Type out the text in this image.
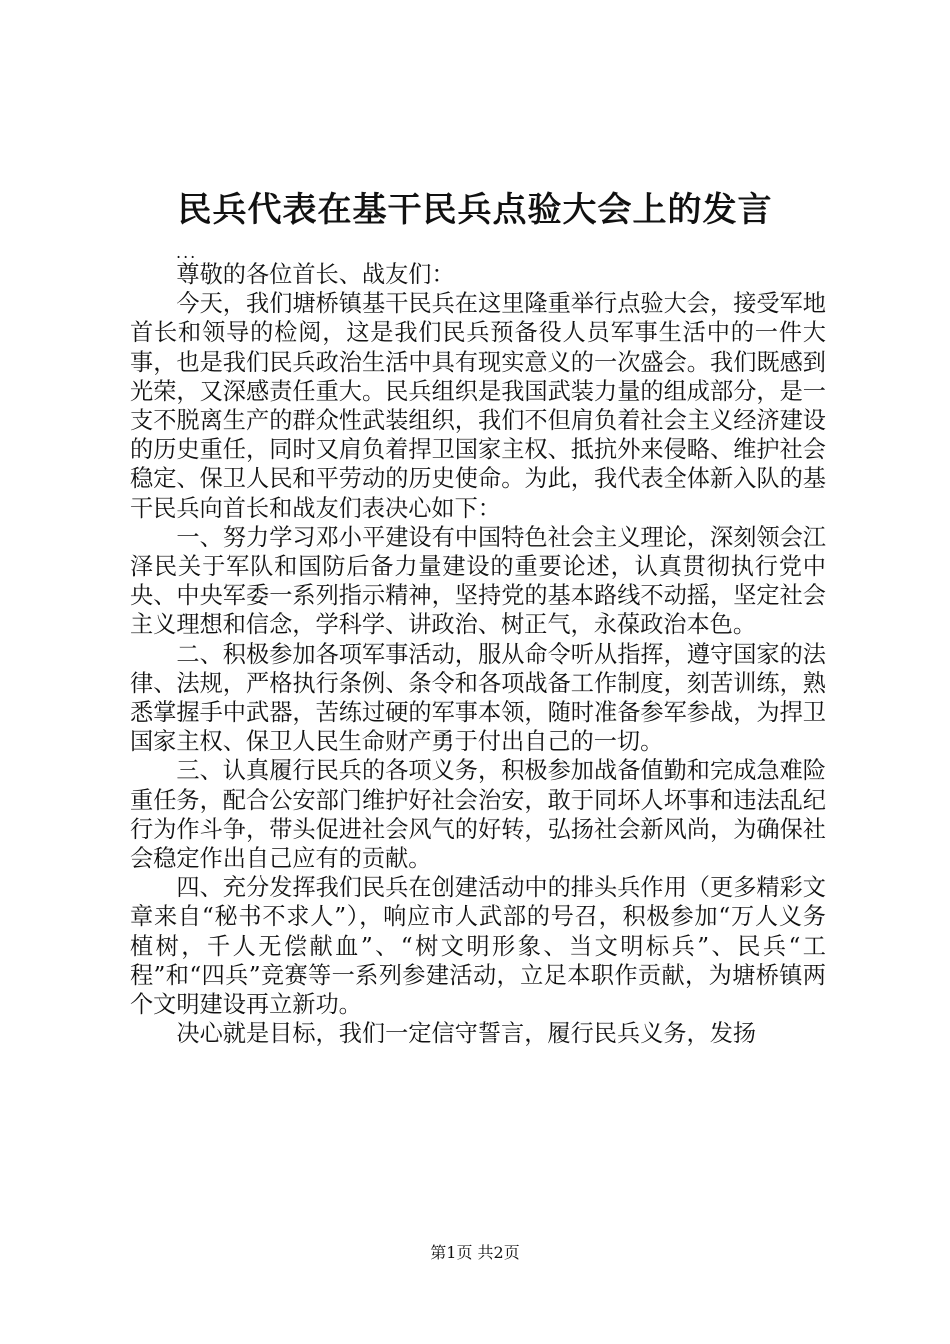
民兵代表在基干民兵点验大会上的发言
...

尊敬的各位首长、战友们：

今天，我们塘桥镇基干民兵在这里隆重举行点验大会，接受军地首长和领导的检阅，这是我们民兵预备役人员军事生活中的一件大事，也是我们民兵政治生活中具有现实意义的一次盛会。我们既感到光荣，又深感责任重大。民兵组织是我国武装力量的组成部分，是一支不脱离生产的群众性武装组织，我们不但肩负着社会主义经济建设的历史重任，同时又肩负着捍卫国家主权、抵抗外来侵略、维护社会稳定、保卫人民和平劳动的历史使命。为此，我代表全体新入队的基干民兵向首长和战友们表决心如下：

一、努力学习邓小平建设有中国特色社会主义理论，深刻领会江泽民关于军队和国防后备力量建设的重要论述，认真贯彻执行党中央、中央军委一系列指示精神，坚持党的基本路线不动摇，坚定社会主义理想和信念，学科学、讲政治、树正气，永葆政治本色。

二、积极参加各项军事活动，服从命令听从指挥，遵守国家的法律、法规，严格执行条例、条令和各项战备工作制度，刻苦训练，熟悉掌握手中武器，苦练过硬的军事本领，随时准备参军参战，为捍卫国家主权、保卫人民生命财产勇于付出自己的一切。

三、认真履行民兵的各项义务，积极参加战备值勤和完成急难险重任务，配合公安部门维护好社会治安，敢于同坏人坏事和违法乱纪行为作斗争，带头促进社会风气的好转，弘扬社会新风尚，为确保社会稳定作出自己应有的贡献。

四、充分发挥我们民兵在创建活动中的排头兵作用（更多精彩文章来自“秘书不求人”），响应市人武部的号召，积极参加“万人义务植树，千人无偿献血”、“树文明形象、当文明标兵”、民兵“工程”和“四兵”竞赛等一系列参建活动，立足本职作贡献，为塘桥镇两个文明建设再立新功。

决心就是目标，我们一定信守誓言，履行民兵义务，发扬

第1页 共2页
